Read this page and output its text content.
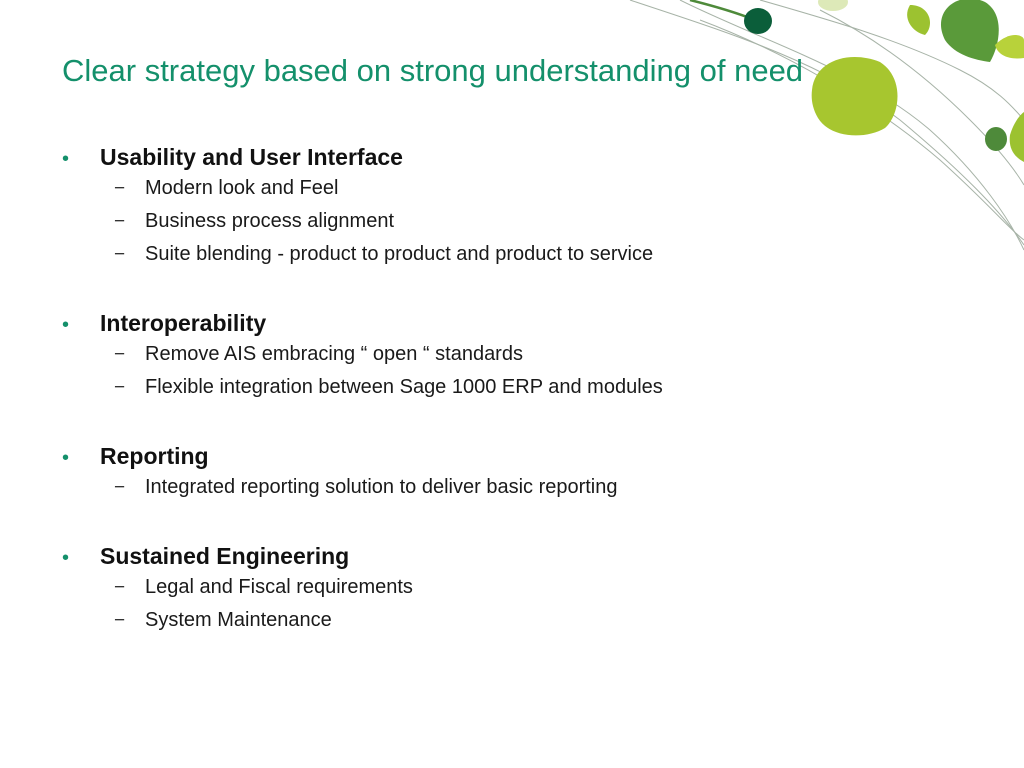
Clear strategy based on strong understanding of need
•	Usability and User Interface
− Modern look and Feel
− Business process alignment
− Suite blending - product to product and product to service
•	Interoperability
− Remove AIS embracing “ open “ standards
− Flexible integration between Sage 1000 ERP and modules
•	Reporting
− Integrated reporting solution to deliver basic reporting
•	Sustained Engineering
− Legal and Fiscal requirements
− System Maintenance
